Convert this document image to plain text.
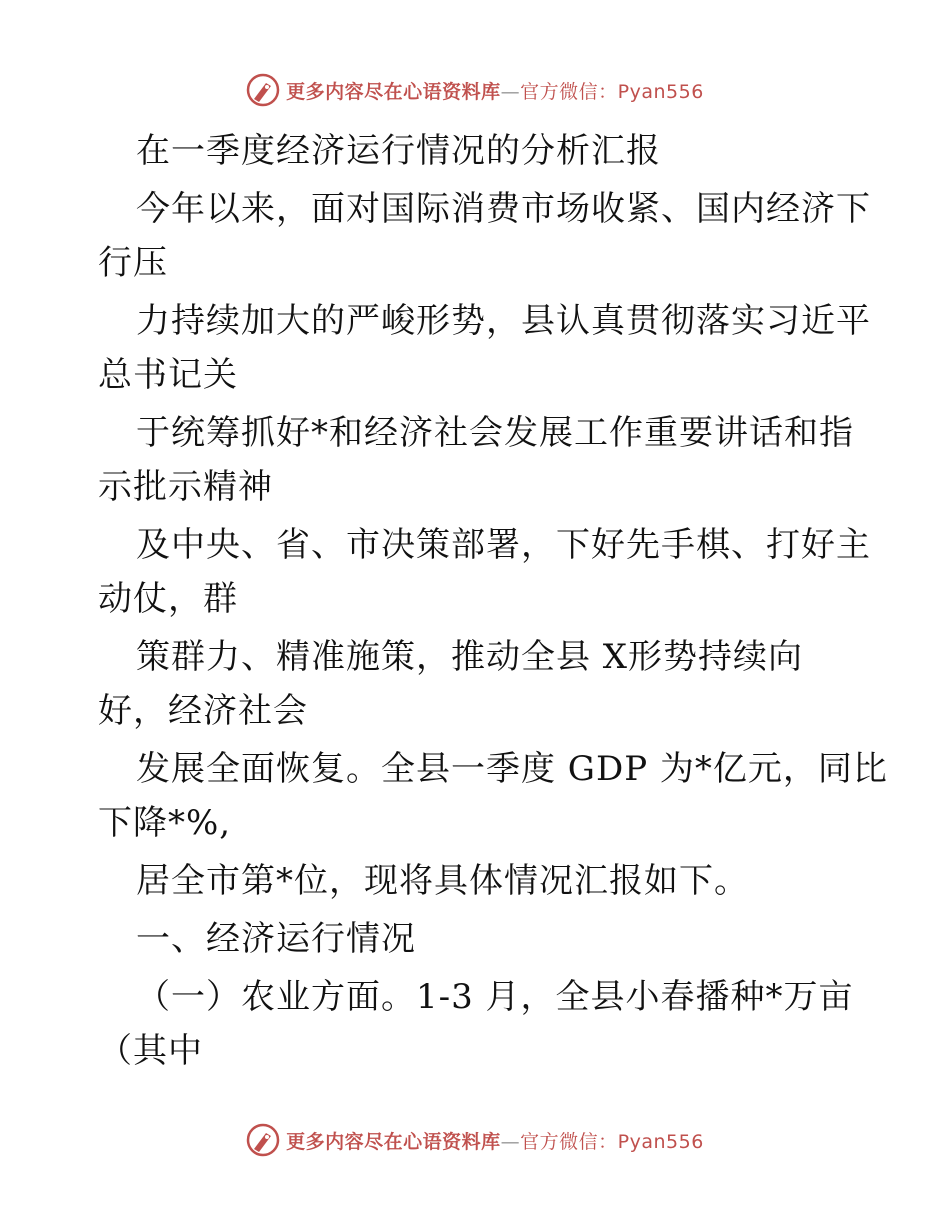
更多内容尽在心语资料库—官方微信：Pyan556
在一季度经济运行情况的分析汇报
今年以来，面对国际消费市场收紧、国内经济下
行压
力持续加大的严峻形势，县认真贯彻落实习近平
总书记关
于统筹抓好*和经济社会发展工作重要讲话和指
示批示精神
及中央、省、市决策部署，下好先手棋、打好主
动仗，群
策群力、精准施策，推动全县 X形势持续向
好，经济社会
发展全面恢复。全县一季度 GDP 为*亿元，同比
下降*%,
居全市第*位，现将具体情况汇报如下。
一、经济运行情况
（一）农业方面。1-3 月，全县小春播种*万亩
（其中
更多内容尽在心语资料库—官方微信：Pyan556
